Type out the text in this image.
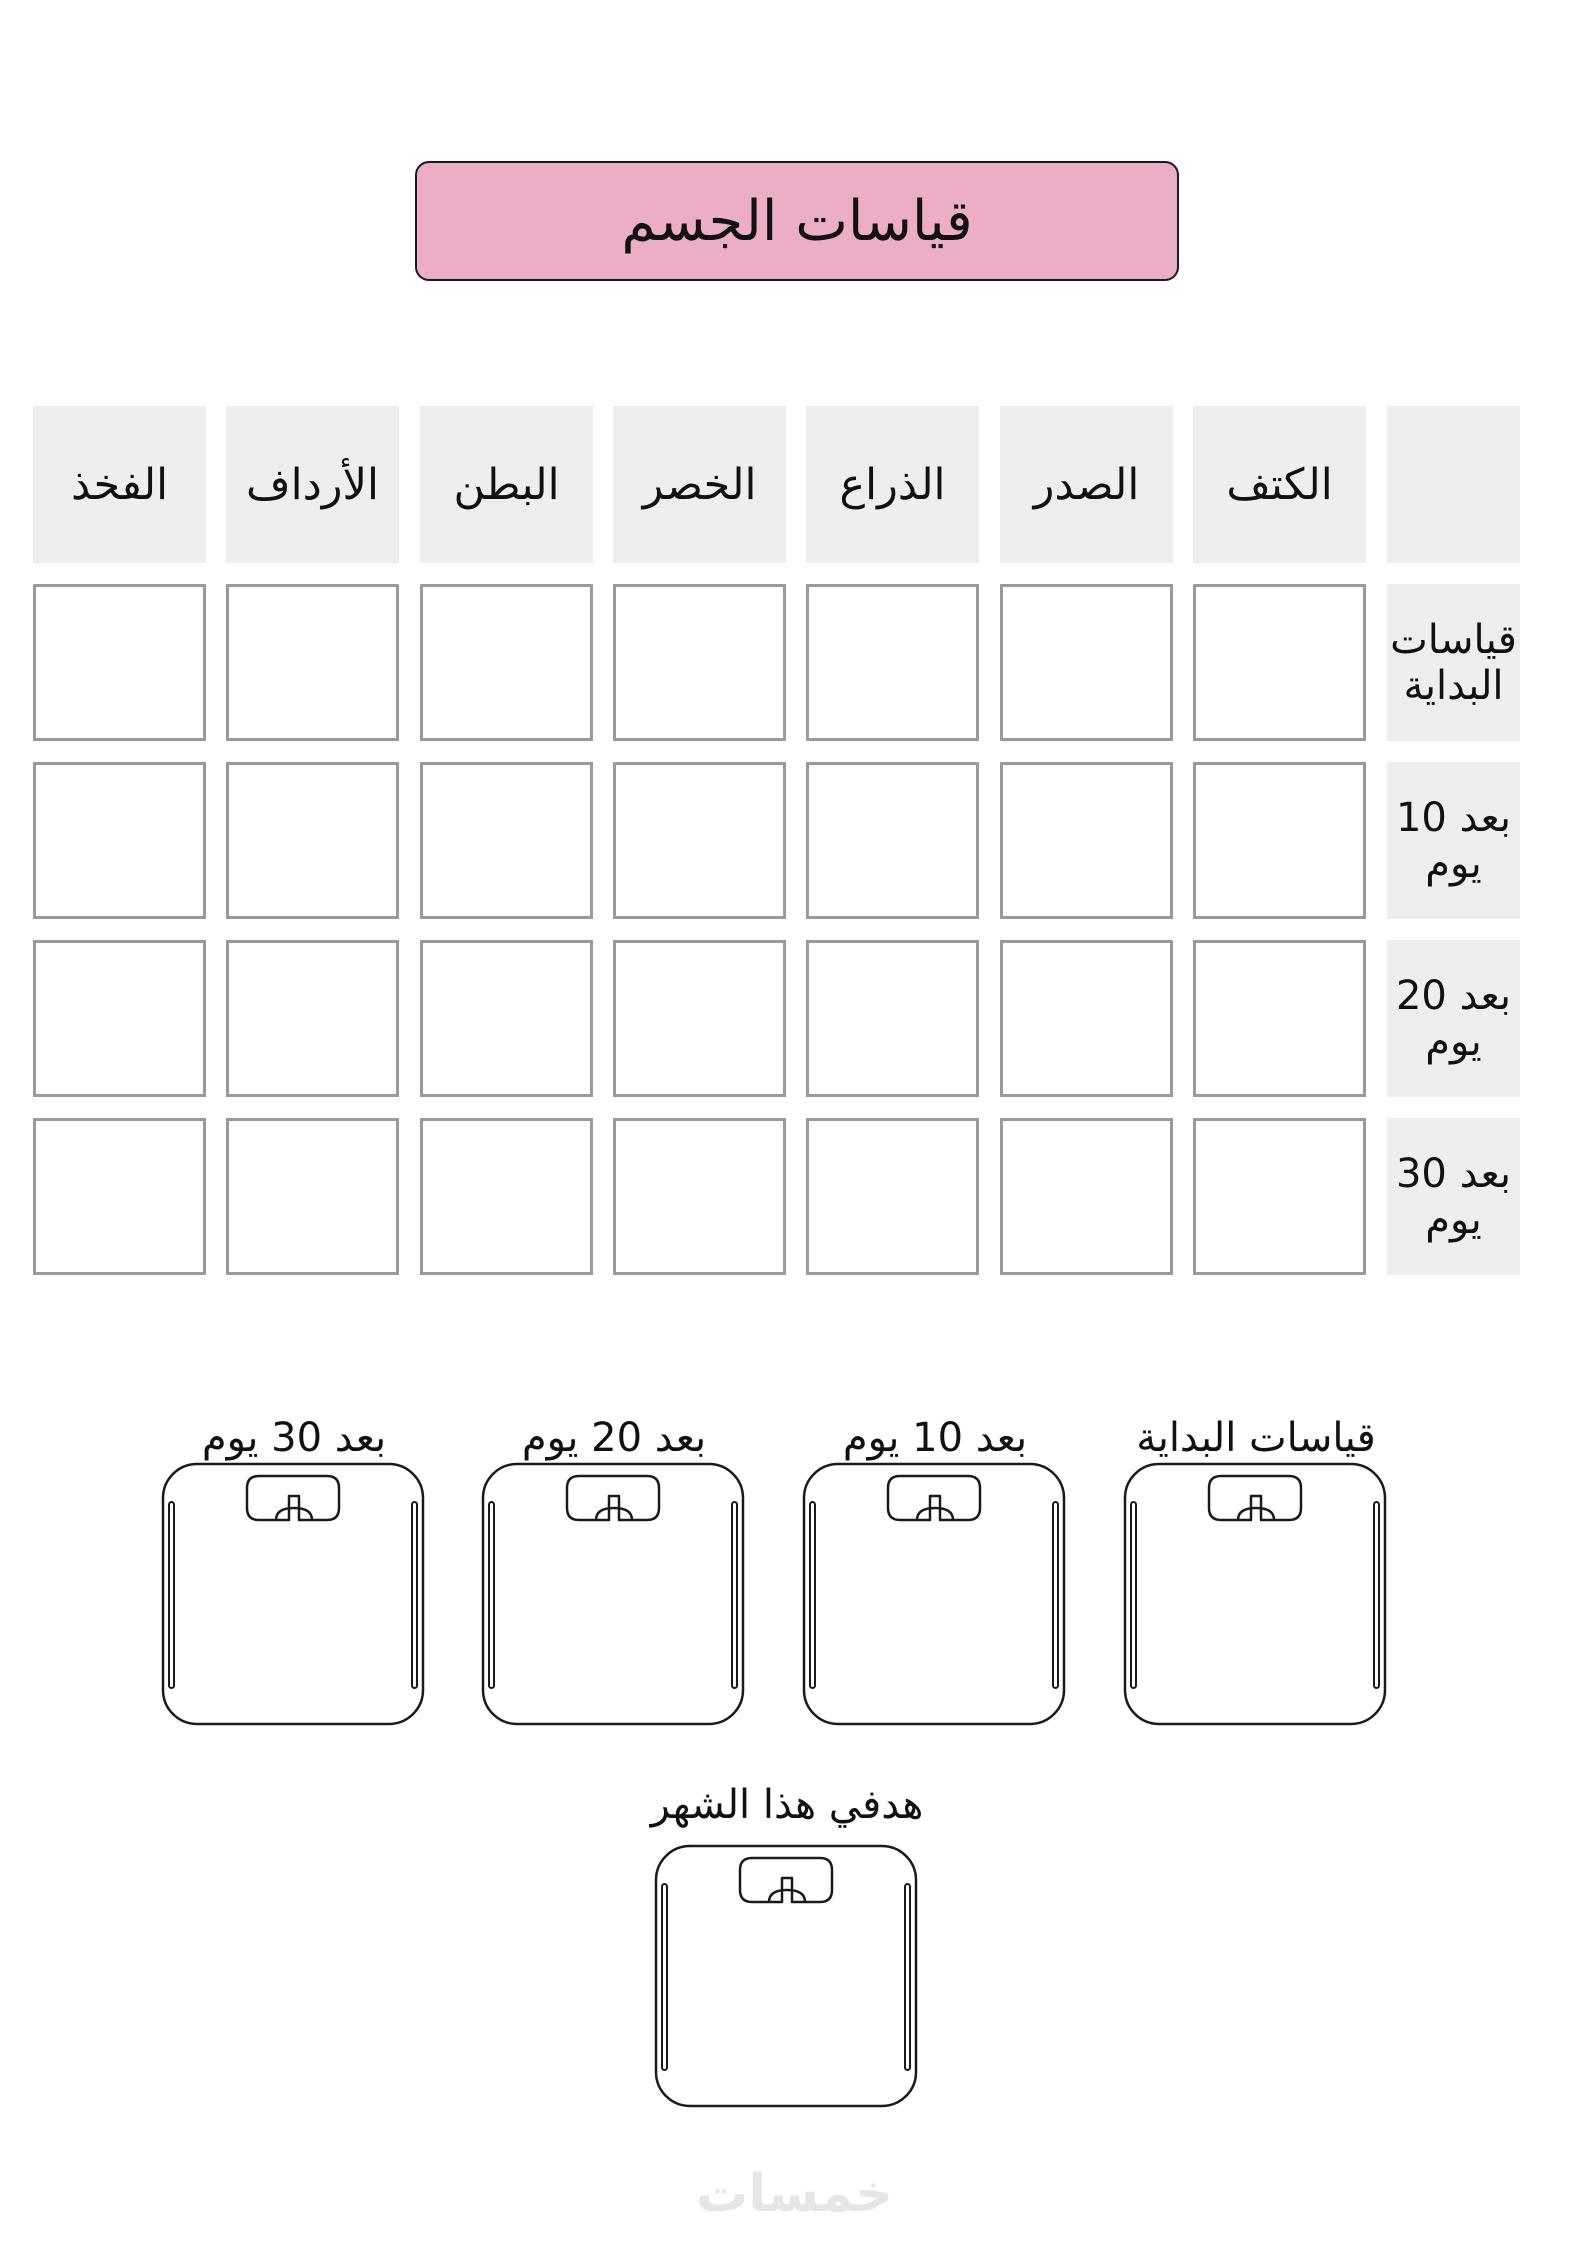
قياسات الجسم
الكتف
الصدر
الذراع
الخصر
البطن
الأرداف
الفخذ
قياسات
البداية
بعد 10
يوم
بعد 20
يوم
بعد 30
يوم
قياسات البداية
بعد 10 يوم
بعد 20 يوم
بعد 30 يوم
هدفي هذا الشهر
خمسات
